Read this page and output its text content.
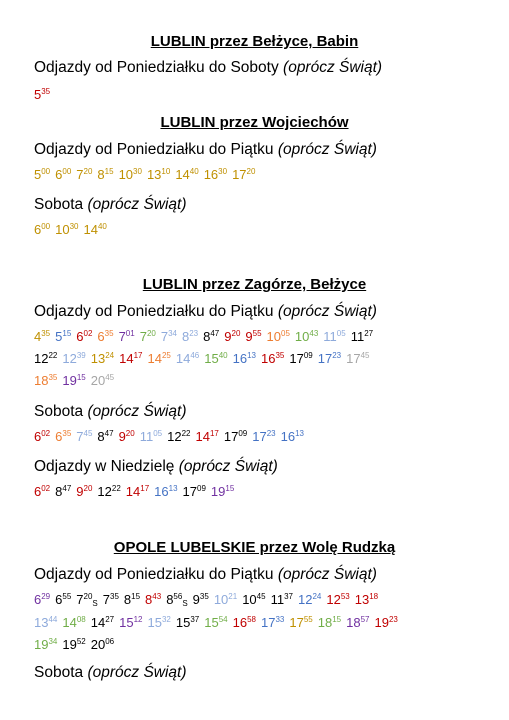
LUBLIN przez Bełżyce, Babin
Odjazdy od Poniedziałku do Soboty (oprócz Świąt)
$5^{35}$
LUBLIN przez Wojciechów
Odjazdy od Poniedziałku do Piątku (oprócz Świąt)
$5^{00}$ $6^{00}$ $7^{20}$ $8^{15}$ $10^{30}$ $13^{10}$ $14^{40}$ $16^{30}$ $17^{20}$
Sobota (oprócz Świąt)
$6^{00}$ $10^{30}$ $14^{40}$
LUBLIN przez Zagórze, Bełżyce
Odjazdy od Poniedziałku do Piątku (oprócz Świąt)
$4^{35}$ $5^{15}$ $6^{02}$ $6^{35}$ $7^{01}$ $7^{20}$ $7^{34}$ $8^{23}$ $8^{47}$ $9^{20}$ $9^{55}$ $10^{05}$ $10^{43}$ $11^{05}$ $11^{27}$
$12^{22}$ $12^{39}$ $13^{24}$ $14^{17}$ $14^{25}$ $14^{46}$ $15^{40}$ $16^{13}$ $16^{35}$ $17^{09}$ $17^{23}$ $17^{45}$
$18^{35}$ $19^{15}$ $20^{45}$
Sobota (oprócz Świąt)
$6^{02}$ $6^{35}$ $7^{45}$ $8^{47}$ $9^{20}$ $11^{05}$ $12^{22}$ $14^{17}$ $17^{09}$ $17^{23}$ $16^{13}$
Odjazdy w Niedzielę (oprócz Świąt)
$6^{02}$ $8^{47}$ $9^{20}$ $12^{22}$ $14^{17}$ $16^{13}$ $17^{09}$ $19^{15}$
OPOLE LUBELSKIE przez Wolę Rudzką
Odjazdy od Poniedziałku do Piątku (oprócz Świąt)
$6^{29}$ $6^{55}$ $7^{20}_S$ $7^{35}$ $8^{15}$ $8^{43}$ $8^{56}_S$ $9^{35}$ $10^{21}$ $10^{45}$ $11^{37}$ $12^{24}$ $12^{53}$ $13^{18}$
$13^{44}$ $14^{08}$ $14^{27}$ $15^{12}$ $15^{32}$ $15^{37}$ $15^{54}$ $16^{58}$ $17^{33}$ $17^{55}$ $18^{15}$ $18^{57}$ $19^{23}$
$19^{34}$ $19^{52}$ $20^{06}$
Sobota (oprócz Świąt)
